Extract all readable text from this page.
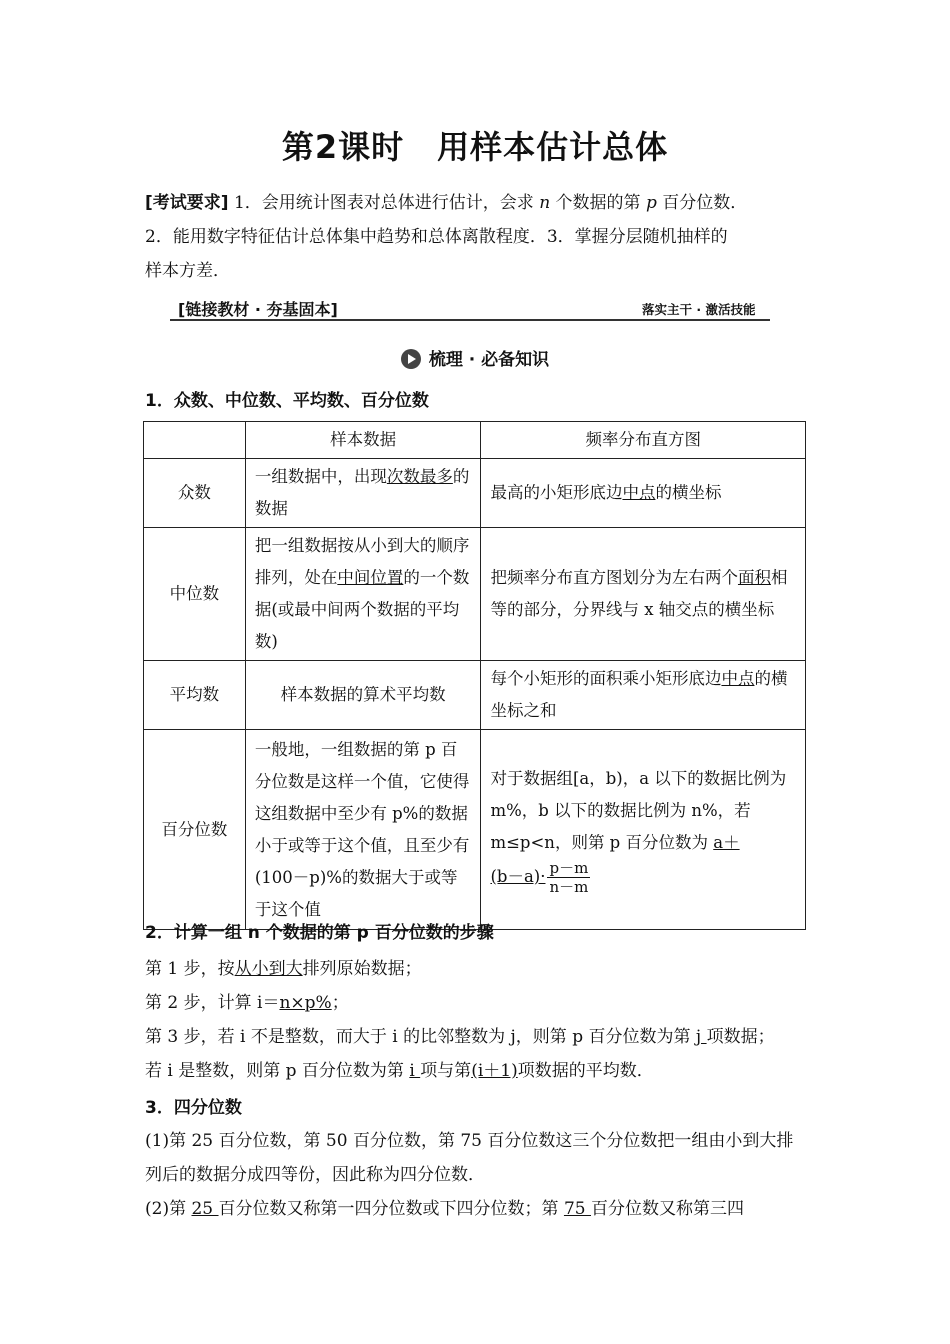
第2课时　用样本估计总体
[考试要求] 1．会用统计图表对总体进行估计，会求 n 个数据的第 p 百分位数．
2．能用数字特征估计总体集中趋势和总体离散程度．3．掌握分层随机抽样的
样本方差．
[链接教材 · 夯基固本]	落实主干 · 激活技能
梳理 · 必备知识
1．众数、中位数、平均数、百分位数
	样本数据	频率分布直方图
众数	一组数据中，出现次数最多的数据	最高的小矩形底边中点的横坐标
中位数	把一组数据按从小到大的顺序排列，处在中间位置的一个数据(或最中间两个数据的平均数)	把频率分布直方图划分为左右两个面积相等的部分，分界线与 x 轴交点的横坐标
平均数	样本数据的算术平均数	每个小矩形的面积乘小矩形底边中点的横坐标之和
百分位数	一般地，一组数据的第 p 百分位数是这样一个值，它使得这组数据中至少有 p%的数据小于或等于这个值，且至少有(100－p)%的数据大于或等于这个值	对于数据组[a，b)，a 以下的数据比例为 m%，b 以下的数据比例为 n%，若 m≤p<n，则第 p 百分位数为 a＋
$(b-a)\cdot \frac{p-m}{n-m}$
2．计算一组 n 个数据的第 p 百分位数的步骤
第 1 步，按从小到大排列原始数据；
第 2 步，计算 i＝n×p%；
第 3 步，若 i 不是整数，而大于 i 的比邻整数为 j，则第 p 百分位数为第 j 项数据；
若 i 是整数，则第 p 百分位数为第 i 项与第(i＋1)项数据的平均数．
3．四分位数
(1)第 25 百分位数，第 50 百分位数，第 75 百分位数这三个分位数把一组由小到大排列后的数据分成四等份，因此称为四分位数．
(2)第 25 百分位数又称第一四分位数或下四分位数；第 75 百分位数又称第三四
